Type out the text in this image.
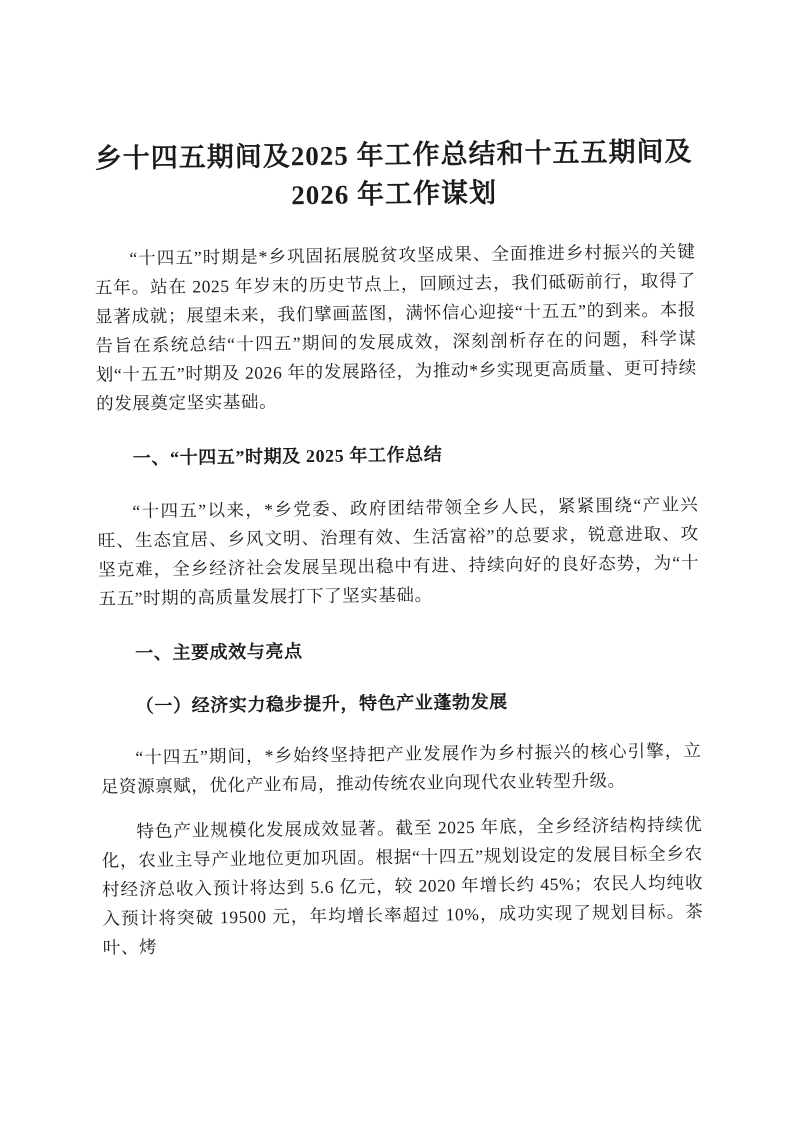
乡十四五期间及2025 年工作总结和十五五期间及2026 年工作谋划

“十四五”时期是*乡巩固拓展脱贫攻坚成果、全面推进乡村振兴的关键五年。站在 2025 年岁末的历史节点上，回顾过去，我们砥砺前行，取得了显著成就；展望未来，我们擘画蓝图，满怀信心迎接“十五五”的到来。本报告旨在系统总结“十四五”期间的发展成效，深刻剖析存在的问题，科学谋划“十五五”时期及 2026 年的发展路径，为推动*乡实现更高质量、更可持续的发展奠定坚实基础。

一、“十四五”时期及 2025 年工作总结

“十四五”以来，*乡党委、政府团结带领全乡人民，紧紧围绕“产业兴旺、生态宜居、乡风文明、治理有效、生活富裕”的总要求，锐意进取、攻坚克难，全乡经济社会发展呈现出稳中有进、持续向好的良好态势，为“十五五”时期的高质量发展打下了坚实基础。

一、主要成效与亮点
（一）经济实力稳步提升，特色产业蓬勃发展

“十四五”期间，*乡始终坚持把产业发展作为乡村振兴的核心引擎，立足资源禀赋，优化产业布局，推动传统农业向现代农业转型升级。

特色产业规模化发展成效显著。截至 2025 年底，全乡经济结构持续优化，农业主导产业地位更加巩固。根据“十四五”规划设定的发展目标全乡农村经济总收入预计将达到 5.6 亿元，较 2020 年增长约 45%；农民人均纯收入预计将突破 19500 元，年均增长率超过 10%，成功实现了规划目标。茶叶、烤
